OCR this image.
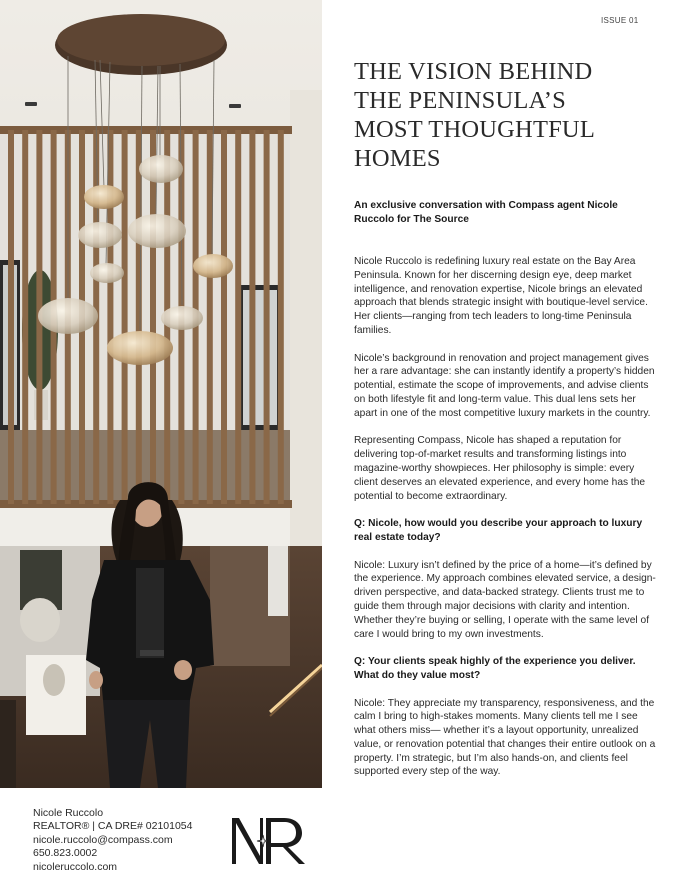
ISSUE 01
THE VISION BEHIND
THE PENINSULA’S
MOST THOUGHTFUL
HOMES
An exclusive conversation with Compass agent Nicole Ruccolo for The Source

Nicole Ruccolo is redefining luxury real estate on the Bay Area Peninsula. Known for her discerning design eye, deep market intelligence, and renovation expertise, Nicole brings an elevated approach that blends strategic insight with boutique-level service. Her clients—ranging from tech leaders to long-time Peninsula families.

Nicole’s background in renovation and project management gives her a rare advantage: she can instantly identify a property’s hidden potential, estimate the scope of improvements, and advise clients on both lifestyle fit and long-term value. This dual lens sets her apart in one of the most competitive luxury markets in the country.

Representing Compass, Nicole has shaped a reputation for delivering top-of-market results and transforming listings into magazine-worthy showpieces. Her philosophy is simple: every client deserves an elevated experience, and every home has the potential to become extraordinary.

Q: Nicole, how would you describe your approach to luxury real estate today?

Nicole: Luxury isn’t defined by the price of a home—it’s defined by the experience. My approach combines elevated service, a design-driven perspective, and data-backed strategy. Clients trust me to guide them through major decisions with clarity and intention. Whether they’re buying or selling, I operate with the same level of care I would bring to my own investments.

Q: Your clients speak highly of the experience you deliver. What do they value most?

Nicole: They appreciate my transparency, responsiveness, and the calm I bring to high-stakes moments. Many clients tell me I see what others miss— whether it’s a layout opportunity, unrealized value, or renovation potential that changes their entire outlook on a property. I’m strategic, but I’m also hands-on, and clients feel supported every step of the way.

Nicole Ruccolo
REALTOR® | CA DRE# 02101054
nicole.ruccolo@compass.com
650.823.0002
nicoleruccolo.com
